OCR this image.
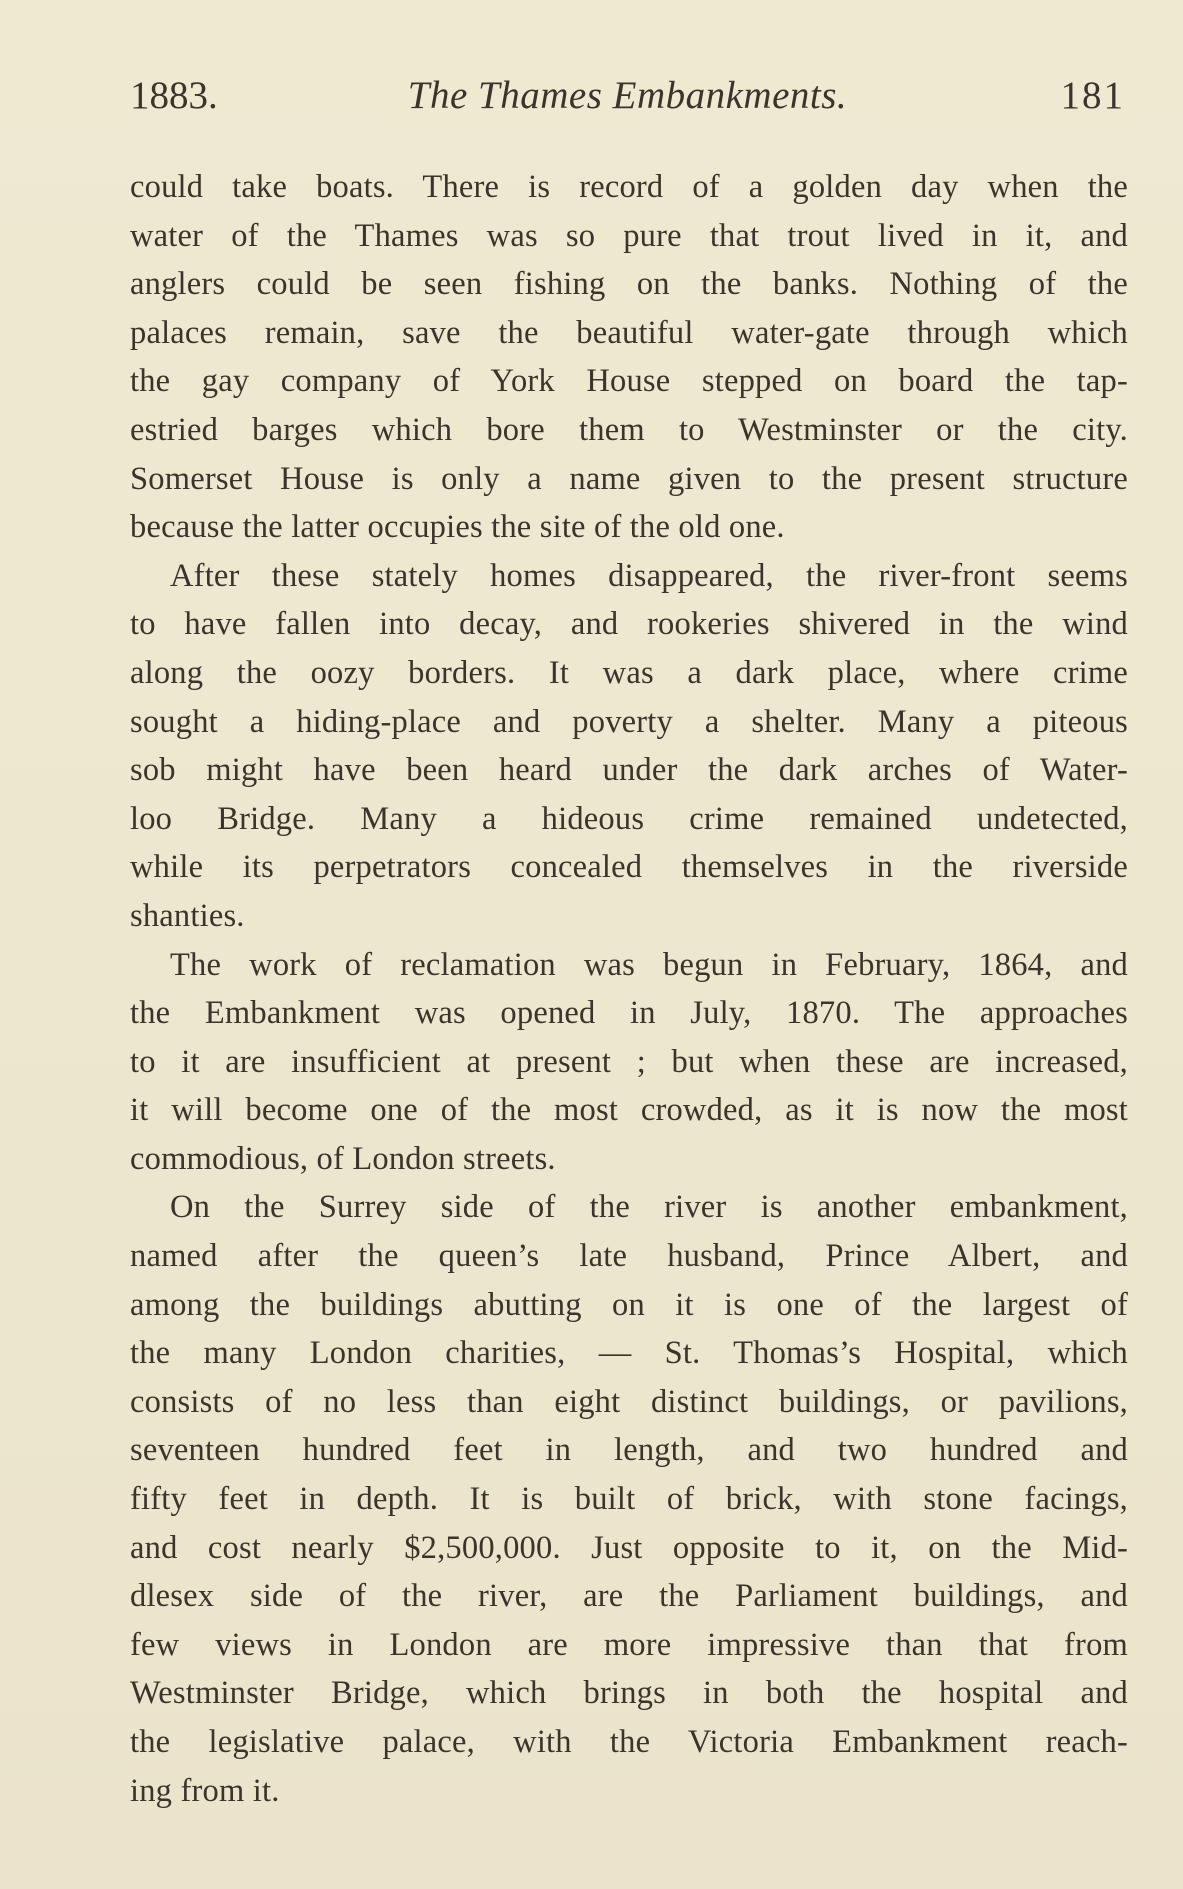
1883.	The Thames Embankments.	181
could take boats. There is record of a golden day when the
water of the Thames was so pure that trout lived in it, and
anglers could be seen fishing on the banks. Nothing of the
palaces remain, save the beautiful water-gate through which
the gay company of York House stepped on board the tap-
estried barges which bore them to Westminster or the city.
Somerset House is only a name given to the present structure
because the latter occupies the site of the old one.
After these stately homes disappeared, the river-front seems
to have fallen into decay, and rookeries shivered in the wind
along the oozy borders. It was a dark place, where crime
sought a hiding-place and poverty a shelter. Many a piteous
sob might have been heard under the dark arches of Water-
loo Bridge. Many a hideous crime remained undetected,
while its perpetrators concealed themselves in the riverside
shanties.
The work of reclamation was begun in February, 1864, and
the Embankment was opened in July, 1870. The approaches
to it are insufficient at present ; but when these are increased,
it will become one of the most crowded, as it is now the most
commodious, of London streets.
On the Surrey side of the river is another embankment,
named after the queen’s late husband, Prince Albert, and
among the buildings abutting on it is one of the largest of
the many London charities, — St. Thomas’s Hospital, which
consists of no less than eight distinct buildings, or pavilions,
seventeen hundred feet in length, and two hundred and
fifty feet in depth. It is built of brick, with stone facings,
and cost nearly $2,500,000. Just opposite to it, on the Mid-
dlesex side of the river, are the Parliament buildings, and
few views in London are more impressive than that from
Westminster Bridge, which brings in both the hospital and
the legislative palace, with the Victoria Embankment reach-
ing from it.
